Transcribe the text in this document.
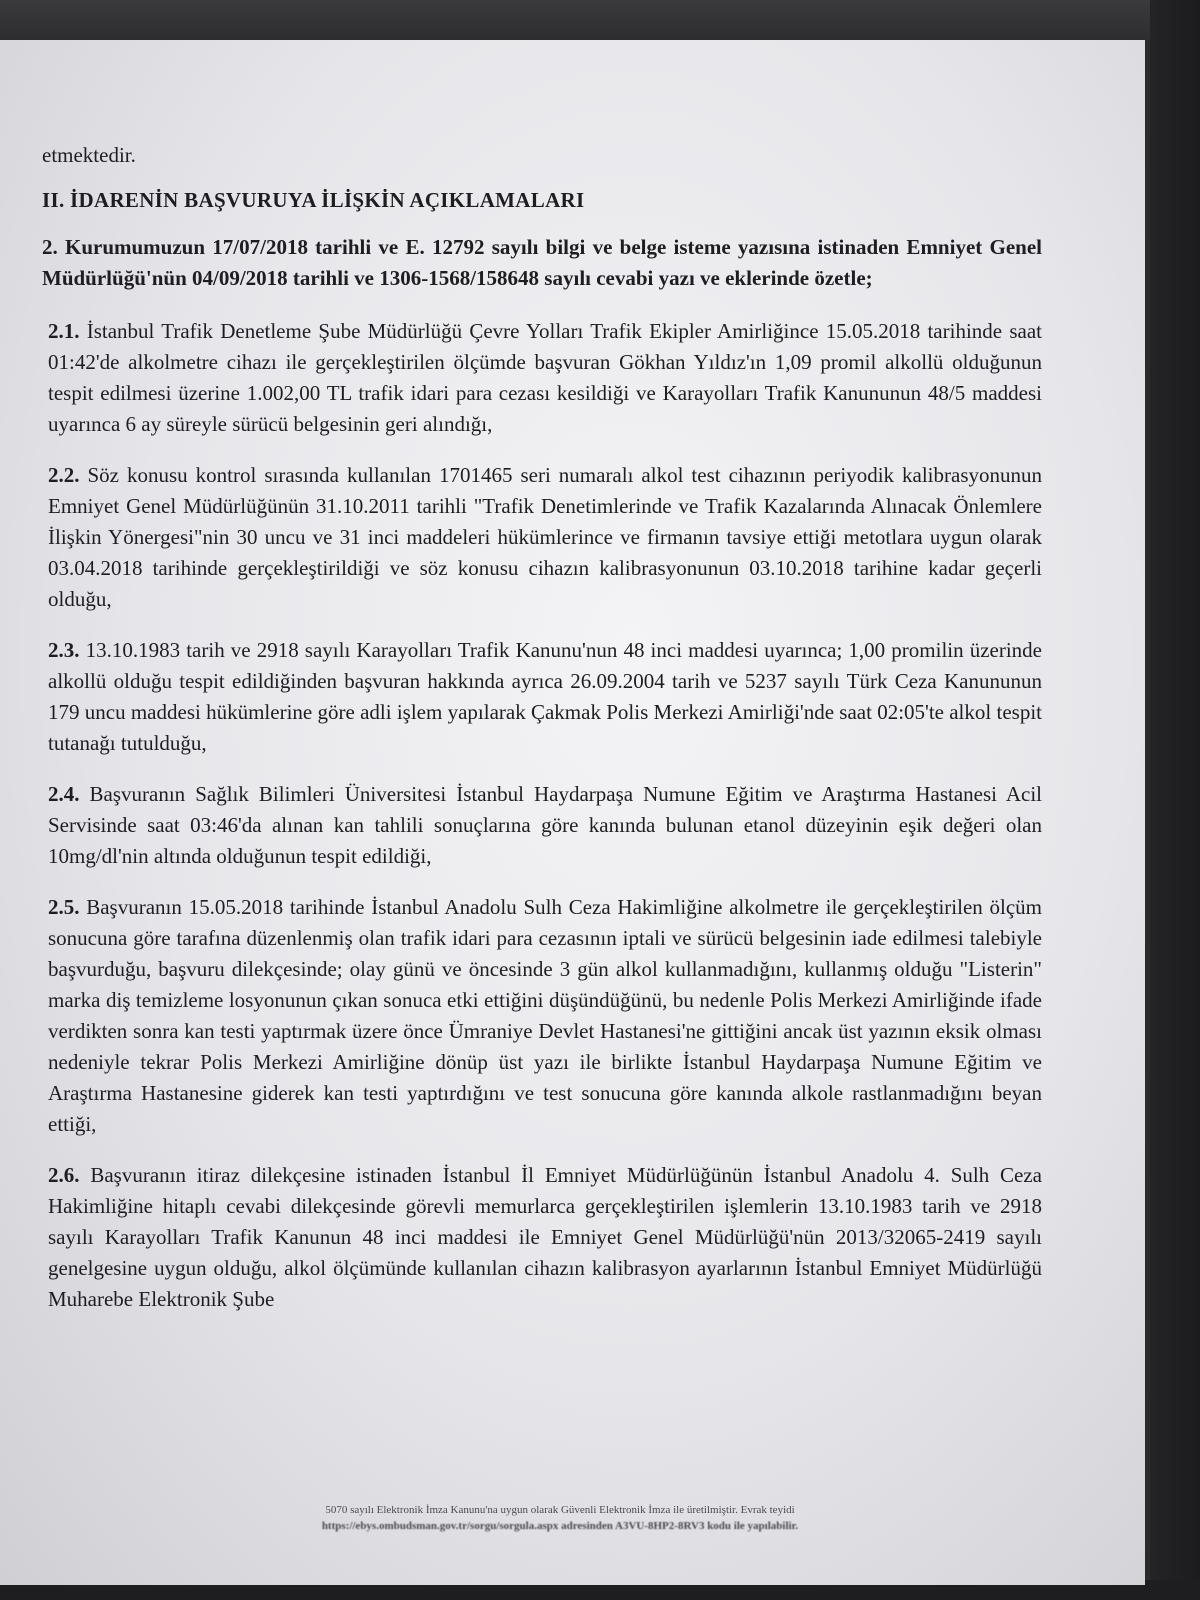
etmektedir.

II. İDARENİN BAŞVURUYA İLİŞKİN AÇIKLAMALARI

2. Kurumumuzun 17/07/2018 tarihli ve E. 12792 sayılı bilgi ve belge isteme yazısına istinaden Emniyet Genel Müdürlüğü'nün 04/09/2018 tarihli ve 1306-1568/158648 sayılı cevabi yazı ve eklerinde özetle;

2.1. İstanbul Trafik Denetleme Şube Müdürlüğü Çevre Yolları Trafik Ekipler Amirliğince 15.05.2018 tarihinde saat 01:42'de alkolmetre cihazı ile gerçekleştirilen ölçümde başvuran Gökhan Yıldız'ın 1,09 promil alkollü olduğunun tespit edilmesi üzerine 1.002,00 TL trafik idari para cezası kesildiği ve Karayolları Trafik Kanununun 48/5 maddesi uyarınca 6 ay süreyle sürücü belgesinin geri alındığı,

2.2. Söz konusu kontrol sırasında kullanılan 1701465 seri numaralı alkol test cihazının periyodik kalibrasyonunun Emniyet Genel Müdürlüğünün 31.10.2011 tarihli "Trafik Denetimlerinde ve Trafik Kazalarında Alınacak Önlemlere İlişkin Yönergesi"nin 30 uncu ve 31 inci maddeleri hükümlerince ve firmanın tavsiye ettiği metotlara uygun olarak 03.04.2018 tarihinde gerçekleştirildiği ve söz konusu cihazın kalibrasyonunun 03.10.2018 tarihine kadar geçerli olduğu,

2.3. 13.10.1983 tarih ve 2918 sayılı Karayolları Trafik Kanunu'nun 48 inci maddesi uyarınca; 1,00 promilin üzerinde alkollü olduğu tespit edildiğinden başvuran hakkında ayrıca 26.09.2004 tarih ve 5237 sayılı Türk Ceza Kanununun 179 uncu maddesi hükümlerine göre adli işlem yapılarak Çakmak Polis Merkezi Amirliği'nde saat 02:05'te alkol tespit tutanağı tutulduğu,

2.4. Başvuranın Sağlık Bilimleri Üniversitesi İstanbul Haydarpaşa Numune Eğitim ve Araştırma Hastanesi Acil Servisinde saat 03:46'da alınan kan tahlili sonuçlarına göre kanında bulunan etanol düzeyinin eşik değeri olan 10mg/dl'nin altında olduğunun tespit edildiği,

2.5. Başvuranın 15.05.2018 tarihinde İstanbul Anadolu Sulh Ceza Hakimliğine alkolmetre ile gerçekleştirilen ölçüm sonucuna göre tarafına düzenlenmiş olan trafik idari para cezasının iptali ve sürücü belgesinin iade edilmesi talebiyle başvurduğu, başvuru dilekçesinde; olay günü ve öncesinde 3 gün alkol kullanmadığını, kullanmış olduğu "Listerin" marka diş temizleme losyonunun çıkan sonuca etki ettiğini düşündüğünü, bu nedenle Polis Merkezi Amirliğinde ifade verdikten sonra kan testi yaptırmak üzere önce Ümraniye Devlet Hastanesi'ne gittiğini ancak üst yazının eksik olması nedeniyle tekrar Polis Merkezi Amirliğine dönüp üst yazı ile birlikte İstanbul Haydarpaşa Numune Eğitim ve Araştırma Hastanesine giderek kan testi yaptırdığını ve test sonucuna göre kanında alkole rastlanmadığını beyan ettiği,

2.6. Başvuranın itiraz dilekçesine istinaden İstanbul İl Emniyet Müdürlüğünün İstanbul Anadolu 4. Sulh Ceza Hakimliğine hitaplı cevabi dilekçesinde görevli memurlarca gerçekleştirilen işlemlerin 13.10.1983 tarih ve 2918 sayılı Karayolları Trafik Kanunun 48 inci maddesi ile Emniyet Genel Müdürlüğü'nün 2013/32065-2419 sayılı genelgesine uygun olduğu, alkol ölçümünde kullanılan cihazın kalibrasyon ayarlarının İstanbul Emniyet Müdürlüğü Muharebe Elektronik Şube

5070 sayılı Elektronik İmza Kanunu'na uygun olarak Güvenli Elektronik İmza ile üretilmiştir. Evrak teyidi
https://ebys.ombudsman.gov.tr/sorgu/sorgula.aspx adresinden A3VU-8HP2-8RV3 kodu ile yapılabilir.
